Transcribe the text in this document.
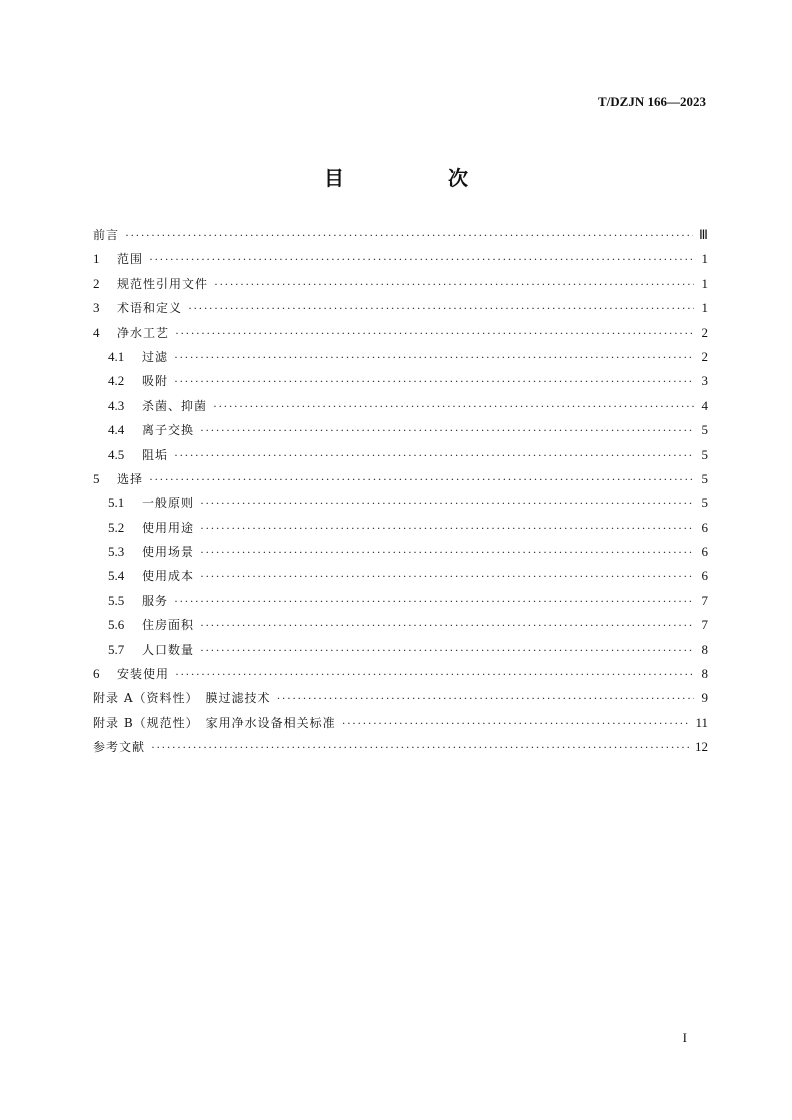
T/DZJN 166—2023
目　次
前言 ·····	Ⅲ
1	范围 ·····	1
2	规范性引用文件 ·····	1
3	术语和定义 ·····	1
4	净水工艺 ·····	2
4.1	过滤 ·····	2
4.2	吸附 ·····	3
4.3	杀菌、抑菌 ·····	4
4.4	离子交换 ·····	5
4.5	阻垢 ·····	5
5	选择 ·····	5
5.1	一般原则 ·····	5
5.2	使用用途 ·····	6
5.3	使用场景 ·····	6
5.4	使用成本 ·····	6
5.5	服务 ·····	7
5.6	住房面积 ·····	7
5.7	人口数量 ·····	8
6	安装使用 ·····	8
附录 A（资料性）　膜过滤技术 ·····	9
附录 B（规范性）　家用净水设备相关标准 ·····	11
参考文献 ·····	12
I
